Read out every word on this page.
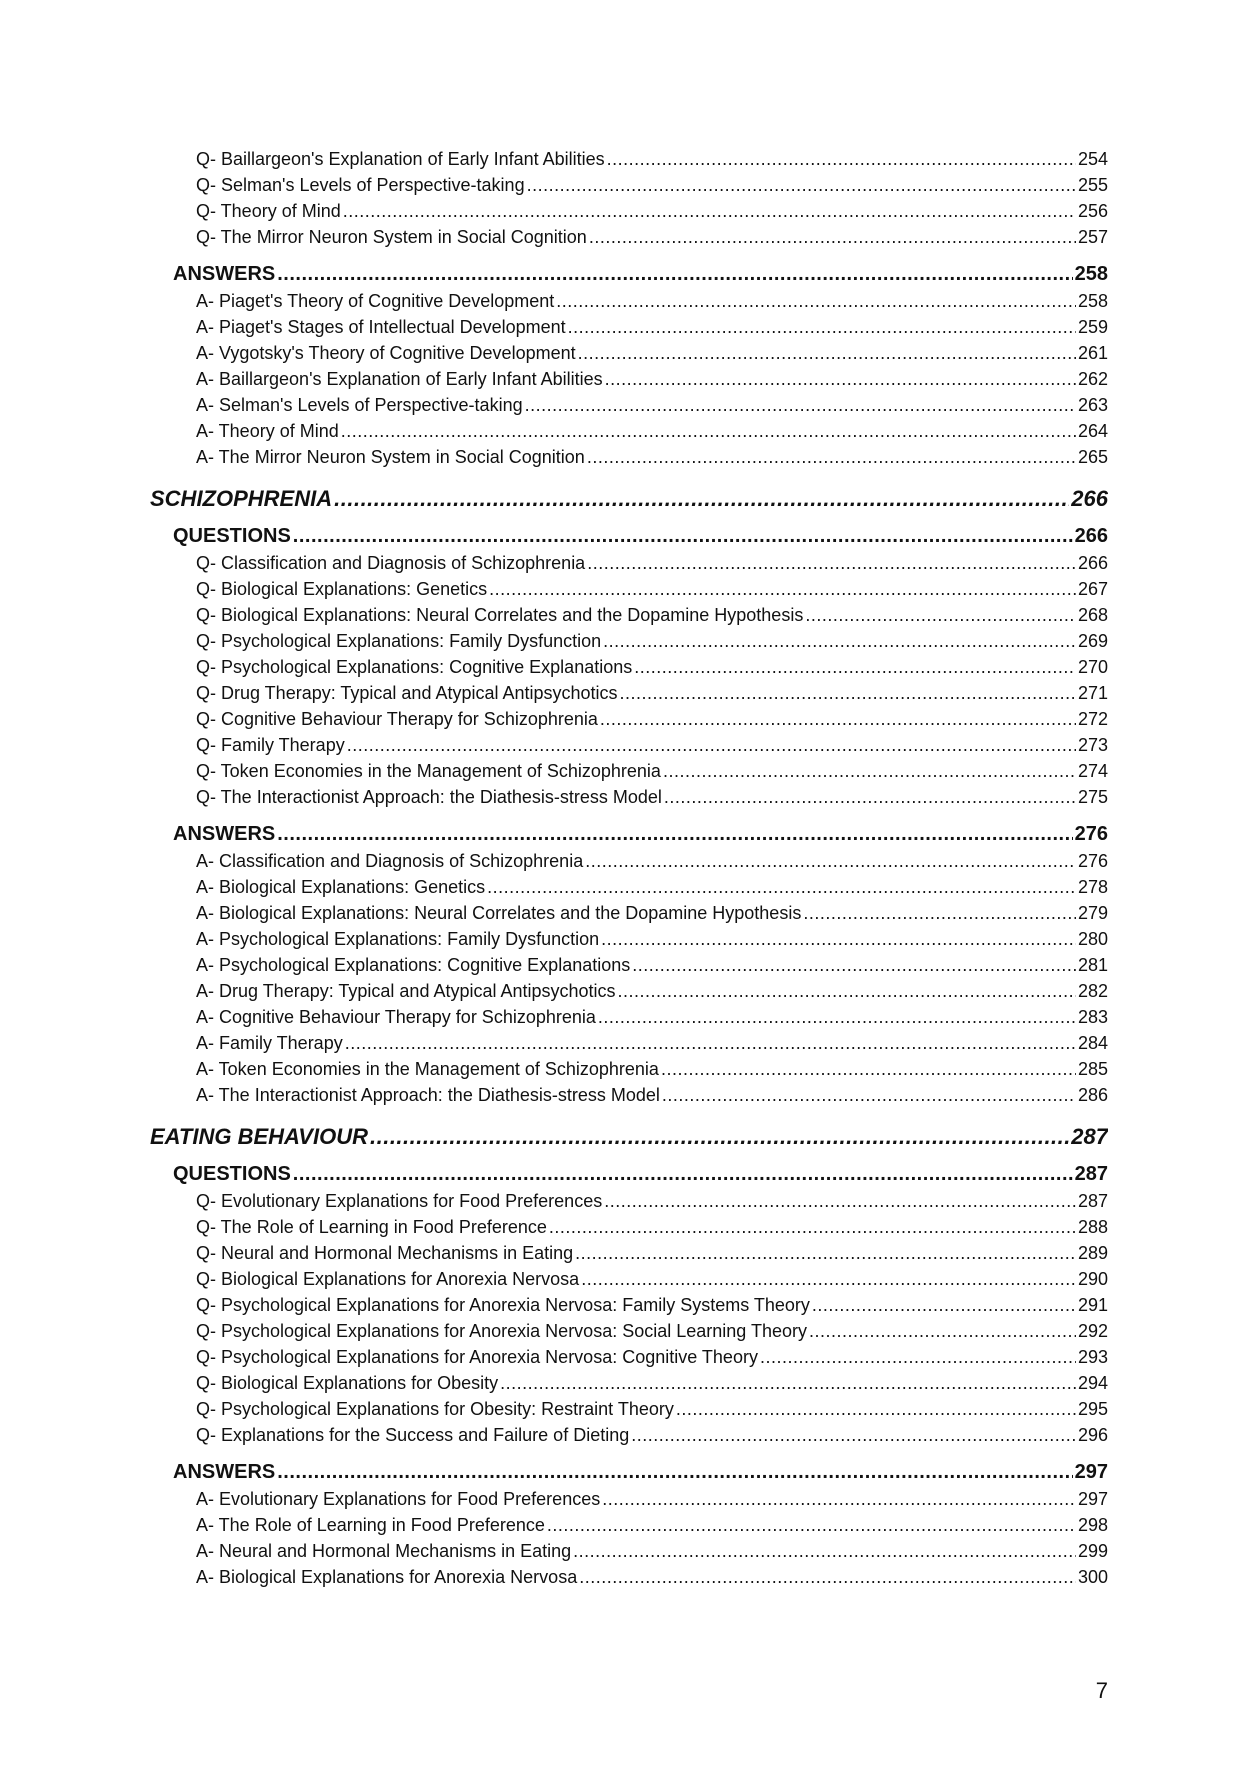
Q- Baillargeon's Explanation of Early Infant Abilities .....	254
Q- Selman's Levels of Perspective-taking .....	255
Q- Theory of Mind .....	256
Q- The Mirror Neuron System in Social Cognition .....	257
ANSWERS .....	258
A- Piaget's Theory of Cognitive Development .....	258
A- Piaget's Stages of Intellectual Development .....	259
A- Vygotsky's Theory of Cognitive Development .....	261
A- Baillargeon's Explanation of Early Infant Abilities .....	262
A- Selman's Levels of Perspective-taking .....	263
A- Theory of Mind .....	264
A- The Mirror Neuron System in Social Cognition .....	265
SCHIZOPHRENIA .....	266
QUESTIONS .....	266
Q- Classification and Diagnosis of Schizophrenia .....	266
Q- Biological Explanations: Genetics .....	267
Q- Biological Explanations: Neural Correlates and the Dopamine Hypothesis .....	268
Q- Psychological Explanations: Family Dysfunction .....	269
Q- Psychological Explanations: Cognitive Explanations .....	270
Q- Drug Therapy: Typical and Atypical Antipsychotics .....	271
Q- Cognitive Behaviour Therapy for Schizophrenia .....	272
Q- Family Therapy .....	273
Q- Token Economies in the Management of Schizophrenia .....	274
Q- The Interactionist Approach: the Diathesis-stress Model .....	275
ANSWERS .....	276
A- Classification and Diagnosis of Schizophrenia .....	276
A- Biological Explanations: Genetics .....	278
A- Biological Explanations: Neural Correlates and the Dopamine Hypothesis .....	279
A- Psychological Explanations: Family Dysfunction .....	280
A- Psychological Explanations: Cognitive Explanations .....	281
A- Drug Therapy: Typical and Atypical Antipsychotics .....	282
A- Cognitive Behaviour Therapy for Schizophrenia .....	283
A- Family Therapy .....	284
A- Token Economies in the Management of Schizophrenia .....	285
A- The Interactionist Approach: the Diathesis-stress Model .....	286
EATING BEHAVIOUR .....	287
QUESTIONS .....	287
Q- Evolutionary Explanations for Food Preferences .....	287
Q- The Role of Learning in Food Preference .....	288
Q- Neural and Hormonal Mechanisms in Eating .....	289
Q- Biological Explanations for Anorexia Nervosa .....	290
Q- Psychological Explanations for Anorexia Nervosa: Family Systems Theory .....	291
Q- Psychological Explanations for Anorexia Nervosa: Social Learning Theory .....	292
Q- Psychological Explanations for Anorexia Nervosa: Cognitive Theory .....	293
Q- Biological Explanations for Obesity .....	294
Q- Psychological Explanations for Obesity: Restraint Theory .....	295
Q- Explanations for the Success and Failure of Dieting .....	296
ANSWERS .....	297
A- Evolutionary Explanations for Food Preferences .....	297
A- The Role of Learning in Food Preference .....	298
A- Neural and Hormonal Mechanisms in Eating .....	299
A- Biological Explanations for Anorexia Nervosa .....	300
7
